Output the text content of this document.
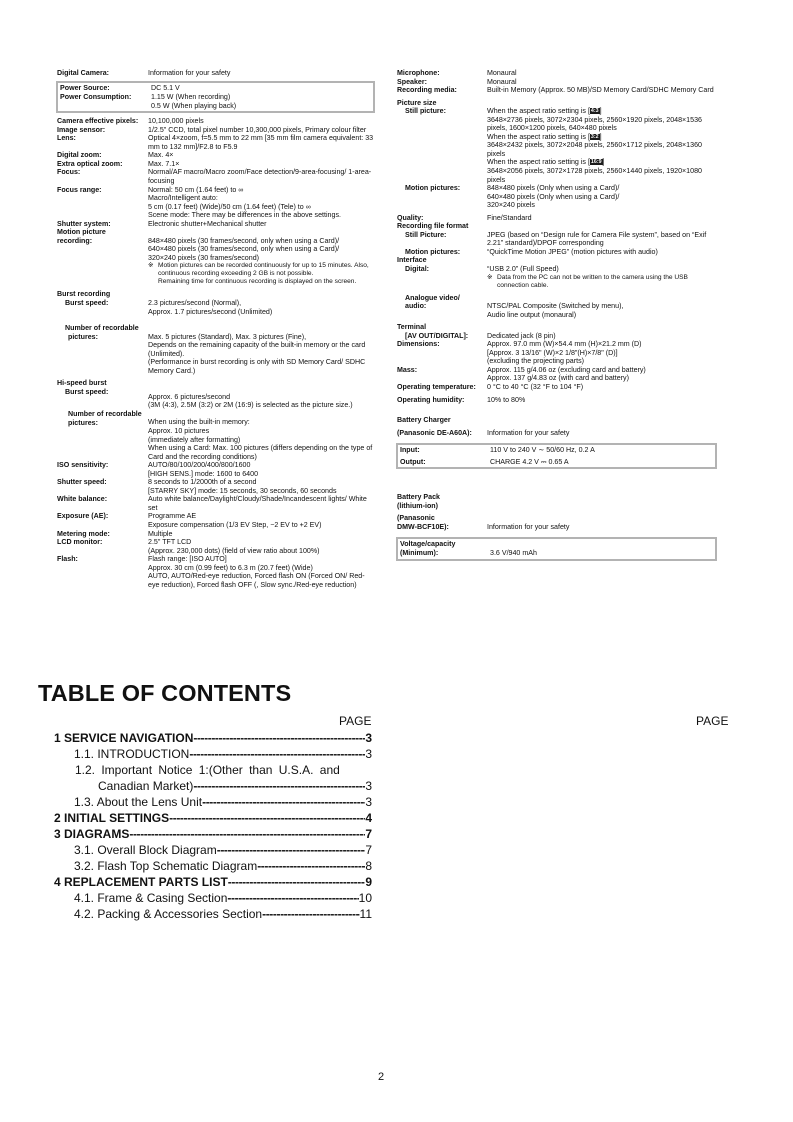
Digital Camera:	Information for your safety
Power Source:	DC 5.1 V
Power Consumption:	1.15 W (When recording)
0.5 W (When playing back)
Camera effective pixels:	10,100,000 pixels
Image sensor:	1/2.5" CCD, total pixel number 10,300,000 pixels, Primary colour filter
Lens:	Optical 4×zoom, f=5.5 mm to 22 mm [35 mm film camera equivalent: 33 mm to 132 mm]/F2.8 to F5.9
Digital zoom:	Max. 4×
Extra optical zoom:	Max. 7.1×
Focus:	Normal/AF macro/Macro zoom/Face detection/9-area-focusing/ 1-area-focusing
Focus range:	Normal: 50 cm (1.64 feet) to ∞
Macro/Intelligent auto:
5 cm (0.17 feet) (Wide)/50 cm (1.64 feet) (Tele) to ∞
Scene mode: There may be differences in the above settings.
Shutter system:	Electronic shutter+Mechanical shutter
Motion picture
recording:	848×480 pixels (30 frames/second, only when using a Card)/
640×480 pixels (30 frames/second, only when using a Card)/
320×240 pixels (30 frames/second)
※ Motion pictures can be recorded continuously for up to 15 minutes. Also, continuous recording exceeding 2 GB is not possible.
Remaining time for continuous recording is displayed on the screen.
Burst recording
Burst speed:	2.3 pictures/second (Normal),
Approx. 1.7 pictures/second (Unlimited)
Number of recordable
pictures:	Max. 5 pictures (Standard), Max. 3 pictures (Fine),
Depends on the remaining capacity of the built-in memory or the card (Unlimited).
(Performance in burst recording is only with SD Memory Card/ SDHC Memory Card.)
Hi-speed burst
Burst speed:
Approx. 6 pictures/second
(3M (4:3), 2.5M (3:2) or 2M (16:9) is selected as the picture size.)
Number of recordable
pictures:	When using the built-in memory:
Approx. 10 pictures
(immediately after formatting)
When using a Card: Max. 100 pictures (differs depending on the type of Card and the recording conditions)
ISO sensitivity:	AUTO/80/100/200/400/800/1600
[HIGH SENS.] mode: 1600 to 6400
Shutter speed:	8 seconds to 1/2000th of a second
[STARRY SKY] mode: 15 seconds, 30 seconds, 60 seconds
White balance:	Auto white balance/Daylight/Cloudy/Shade/Incandescent lights/ White set
Exposure (AE):	Programme AE
Exposure compensation (1/3 EV Step, −2 EV to +2 EV)
Metering mode:	Multiple
LCD monitor:	2.5" TFT LCD
(Approx. 230,000 dots) (field of view ratio about 100%)
Flash:	Flash range: [ISO AUTO]
Approx. 30 cm (0.99 feet) to 6.3 m (20.7 feet) (Wide)
AUTO, AUTO/Red-eye reduction, Forced flash ON (Forced ON/ Red-eye reduction), Forced flash OFF (, Slow sync./Red-eye reduction)
Microphone:	Monaural
Speaker:	Monaural
Recording media:	Built-in Memory (Approx. 50 MB)/SD Memory Card/SDHC Memory Card
Picture size
Still picture:	When the aspect ratio setting is [4:3]
3648×2736 pixels, 3072×2304 pixels, 2560×1920 pixels, 2048×1536 pixels, 1600×1200 pixels, 640×480 pixels
When the aspect ratio setting is [3:2]
3648×2432 pixels, 3072×2048 pixels, 2560×1712 pixels, 2048×1360 pixels
When the aspect ratio setting is [16:9]
3648×2056 pixels, 3072×1728 pixels, 2560×1440 pixels, 1920×1080 pixels
Motion pictures:	848×480 pixels (Only when using a Card)/
640×480 pixels (Only when using a Card)/
320×240 pixels
Quality:	Fine/Standard
Recording file format
Still Picture:	JPEG (based on “Design rule for Camera File system”, based on “Exif 2.21” standard)/DPOF corresponding
Motion pictures:	“QuickTime Motion JPEG” (motion pictures with audio)
Interface
Digital:	“USB 2.0” (Full Speed)
※ Data from the PC can not be written to the camera using the USB connection cable.
Analogue video/
audio:	NTSC/PAL Composite (Switched by menu),
Audio line output (monaural)
Terminal
[AV OUT/DIGITAL]:	Dedicated jack (8 pin)
Dimensions:	Approx. 97.0 mm (W)×54.4 mm (H)×21.2 mm (D)
[Approx. 3 13/16" (W)×2 1/8"(H)×7/8" (D)]
(excluding the projecting parts)
Mass:	Approx. 115 g/4.06 oz (excluding card and battery)
Approx. 137 g/4.83 oz (with card and battery)
Operating temperature:	0 °C to 40 °C (32 °F to 104 °F)
Operating humidity:	10% to 80%
Battery Charger
(Panasonic DE-A60A):	Information for your safety
Input:	110 V to 240 V ∼ 50/60 Hz, 0.2 A
Output:	CHARGE 4.2 V ⎓ 0.65 A
Battery Pack
(lithium-ion)
(Panasonic
DMW-BCF10E):	Information for your safety
Voltage/capacity
(Minimum):	3.6 V/940 mAh
TABLE OF CONTENTS
PAGE	PAGE
1 SERVICE NAVIGATION -----	3
1.1. INTRODUCTION -----	3
1.2. Important Notice 1:(Other than U.S.A. and
Canadian Market) -----	3
1.3. About the Lens Unit -----	3
2 INITIAL SETTINGS -----	4
3 DIAGRAMS -----	7
3.1. Overall Block Diagram -----	7
3.2. Flash Top Schematic Diagram -----	8
4 REPLACEMENT PARTS LIST -----	9
4.1. Frame & Casing Section -----	10
4.2. Packing & Accessories Section -----	11
2
